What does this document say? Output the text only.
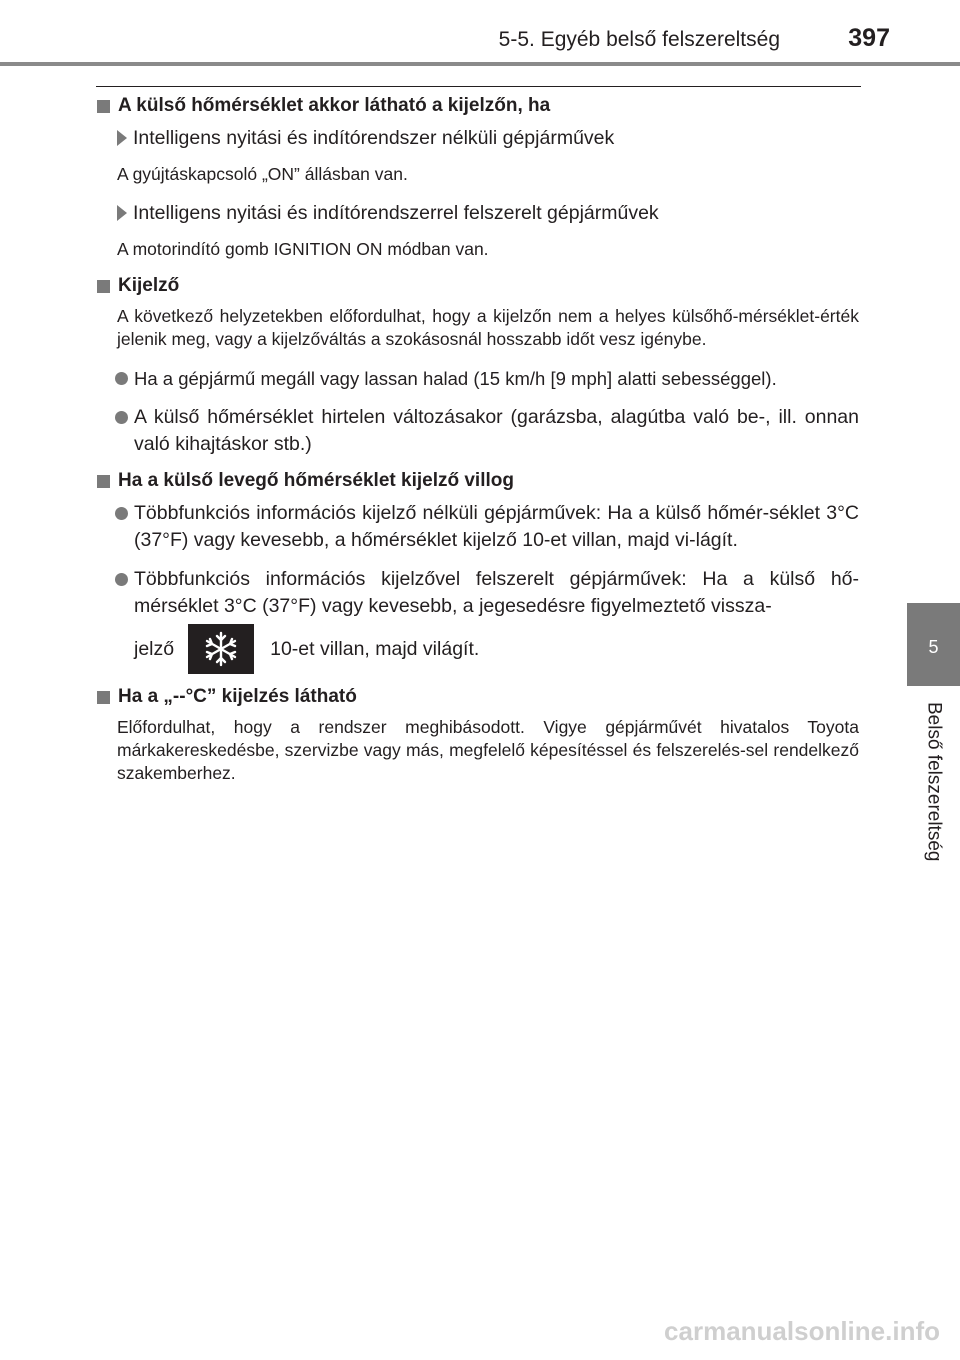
5-5. Egyéb belső felszereltség	397
5
Belső felszereltség
A külső hőmérséklet akkor látható a kijelzőn, ha
Intelligens nyitási és indítórendszer nélküli gépjárművek
A gyújtáskapcsoló „ON” állásban van.
Intelligens nyitási és indítórendszerrel felszerelt gépjárművek
A motorindító gomb IGNITION ON módban van.
Kijelző
A következő helyzetekben előfordulhat, hogy a kijelzőn nem a helyes külsőhő-mérséklet-érték jelenik meg, vagy a kijelzőváltás a szokásosnál hosszabb időt vesz igénybe.
Ha a gépjármű megáll vagy lassan halad (15 km/h [9 mph] alatti sebességgel).
A külső hőmérséklet hirtelen változásakor (garázsba, alagútba való be-, ill. onnan való kihajtáskor stb.)
Ha a külső levegő hőmérséklet kijelző villog
Többfunkciós információs kijelző nélküli gépjárművek: Ha a külső hőmér-séklet 3°C (37°F) vagy kevesebb, a hőmérséklet kijelző 10-et villan, majd vi-lágít.
Többfunkciós információs kijelzővel felszerelt gépjárművek: Ha a külső hő-mérséklet 3°C (37°F) vagy kevesebb, a jegesedésre figyelmeztető vissza-
jelző	10-et villan, majd világít.
Ha a „--°C” kijelzés látható
Előfordulhat, hogy a rendszer meghibásodott. Vigye gépjárművét hivatalos Toyota márkakereskedésbe, szervizbe vagy más, megfelelő képesítéssel és felszerelés-sel rendelkező szakemberhez.
carmanualsonline.info
